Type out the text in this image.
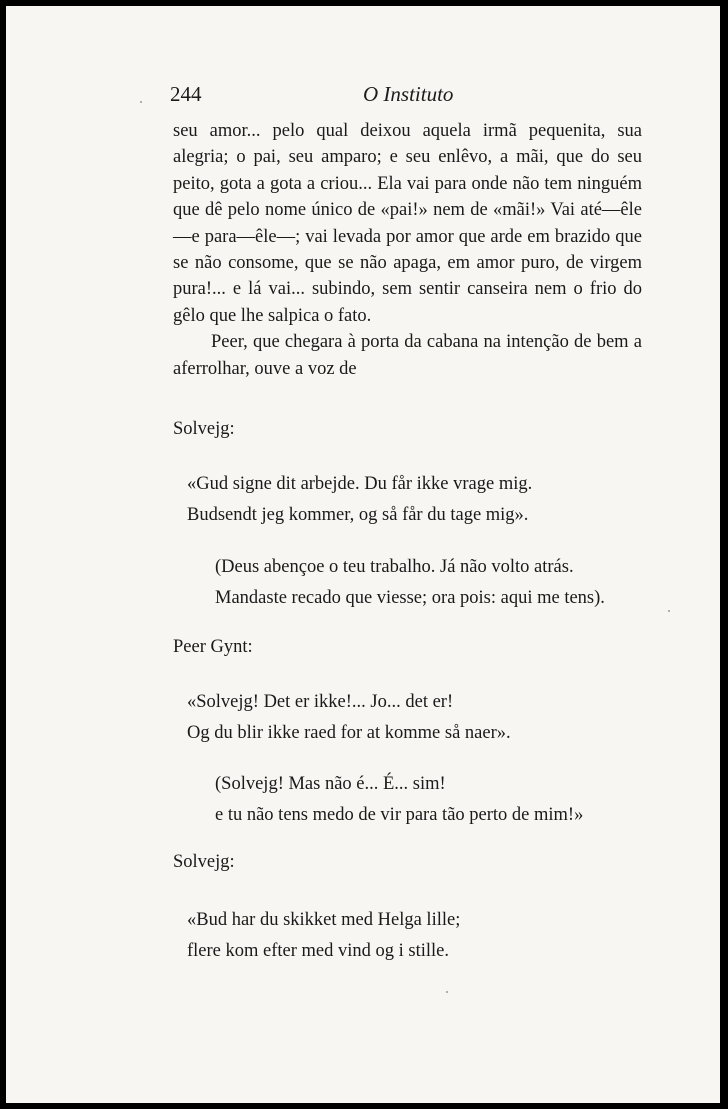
244	O Instituto

seu amor... pelo qual deixou aquela irmã pequenita, sua alegria; o pai, seu amparo; e seu enlêvo, a mãi, que do seu peito, gota a gota a criou... Ela vai para onde não tem ninguém que dê pelo nome único de «pai!» nem de «mãi!» Vai até—êle—e para—êle—; vai levada por amor que arde em brazido que se não consome, que se não apaga, em amor puro, de virgem pura!... e lá vai... subindo, sem sentir canseira nem o frio do gêlo que lhe salpica o fato.

Peer, que chegara à porta da cabana na intenção de bem a aferrolhar, ouve a voz de

Solvejg:
«Gud signe dit arbejde. Du får ikke vrage mig.
Budsendt jeg kommer, og så får du tage mig».
(Deus abençoe o teu trabalho. Já não volto atrás.
Mandaste recado que viesse; ora pois: aqui me tens).
Peer Gynt:
«Solvejg! Det er ikke!... Jo... det er!
Og du blir ikke raed for at komme så naer».
(Solvejg! Mas não é... É... sim!
e tu não tens medo de vir para tão perto de mim!»
Solvejg:
«Bud har du skikket med Helga lille;
flere kom efter med vind og i stille.
